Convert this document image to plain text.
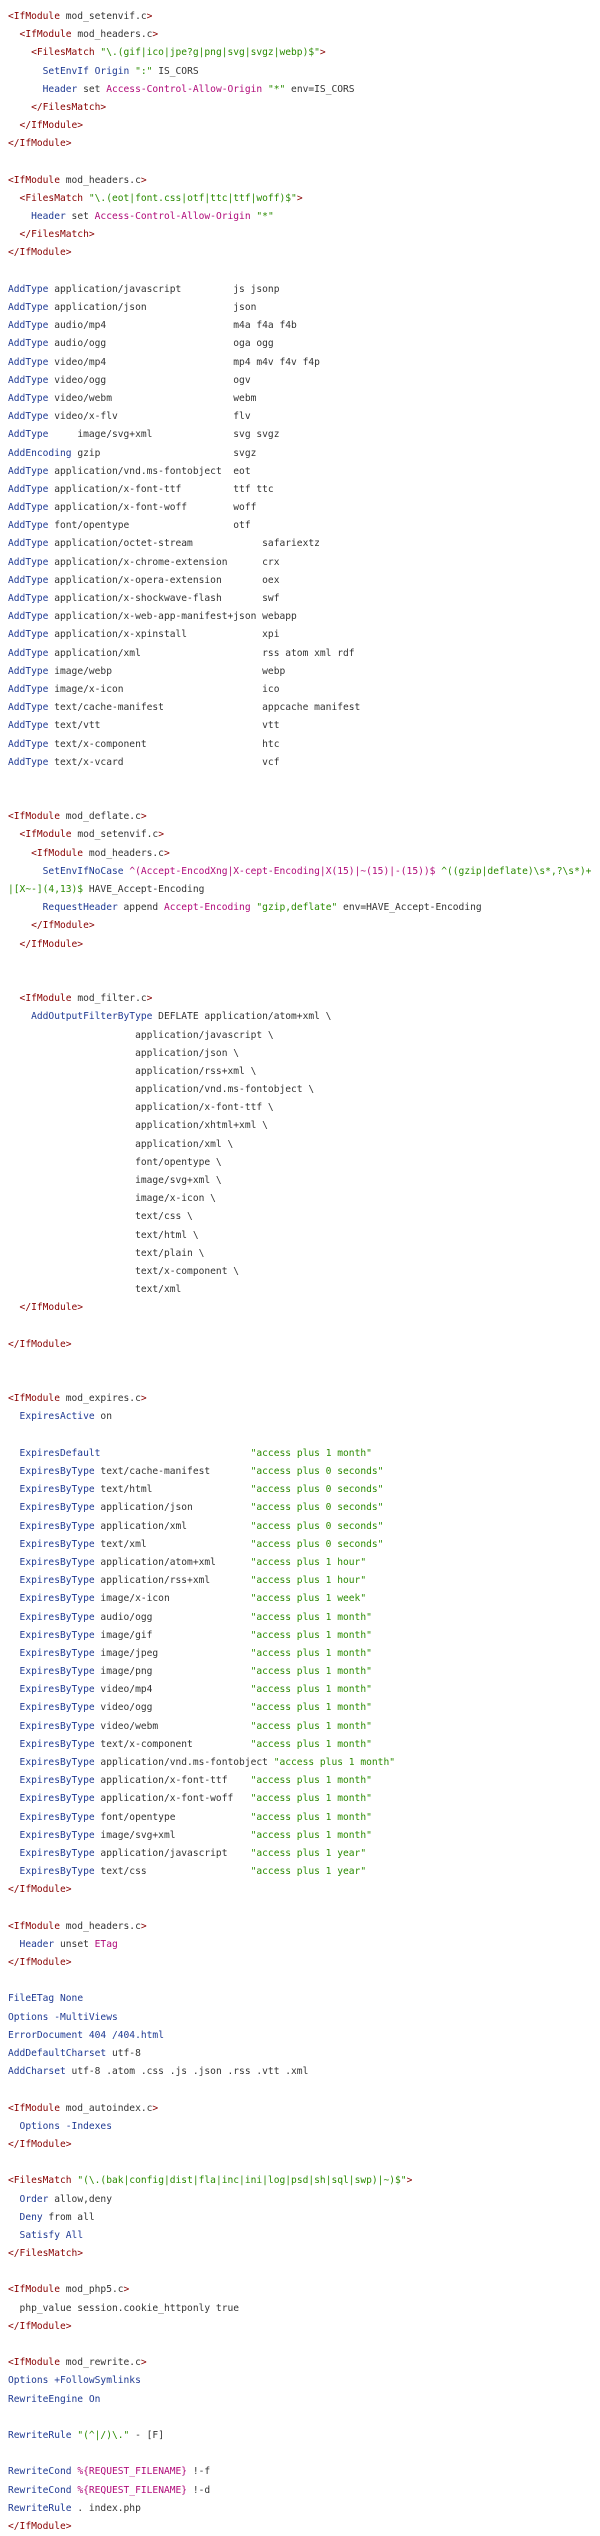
<IfModule mod_setenvif.c>
<IfModule mod_headers.c>
<FilesMatch "\.(gif|ico|jpe?g|png|svg|svgz|webp)$">
SetEnvIf Origin ":" IS_CORS
Header set Access-Control-Allow-Origin "*" env=IS_CORS
</FilesMatch>
</IfModule>
</IfModule>

<IfModule mod_headers.c>
<FilesMatch "\.(eot|font.css|otf|ttc|ttf|woff)$">
Header set Access-Control-Allow-Origin "*"
</FilesMatch>
</IfModule>

AddType application/javascript         js jsonp
AddType application/json               json
AddType audio/mp4                      m4a f4a f4b
AddType audio/ogg                      oga ogg
AddType video/mp4                      mp4 m4v f4v f4p
AddType video/ogg                      ogv
AddType video/webm                     webm
AddType video/x-flv                    flv
AddType     image/svg+xml              svg svgz
AddEncoding gzip                       svgz
AddType application/vnd.ms-fontobject  eot
AddType application/x-font-ttf         ttf ttc
AddType application/x-font-woff        woff
AddType font/opentype                  otf
AddType application/octet-stream            safariextz
AddType application/x-chrome-extension      crx
AddType application/x-opera-extension       oex
AddType application/x-shockwave-flash       swf
AddType application/x-web-app-manifest+json webapp
AddType application/x-xpinstall             xpi
AddType application/xml                     rss atom xml rdf
AddType image/webp                          webp
AddType image/x-icon                        ico
AddType text/cache-manifest                 appcache manifest
AddType text/vtt                            vtt
AddType text/x-component                    htc
AddType text/x-vcard                        vcf

<IfModule mod_deflate.c>
<IfModule mod_setenvif.c>
<IfModule mod_headers.c>
SetEnvIfNoCase ^(Accept-EncodXng|X-cept-Encoding|X(15)|~(15)|-(15))$ ^((gzip|deflate)\s*,?\s*)+|[X~-](4,13)$ HAVE_Accept-Encoding
RequestHeader append Accept-Encoding "gzip,deflate" env=HAVE_Accept-Encoding
</IfModule>
</IfModule>

<IfModule mod_filter.c>
AddOutputFilterByType DEFLATE application/atom+xml \
application/javascript \
application/json \
application/rss+xml \
application/vnd.ms-fontobject \
application/x-font-ttf \
application/xhtml+xml \
application/xml \
font/opentype \
image/svg+xml \
image/x-icon \
text/css \
text/html \
text/plain \
text/x-component \
text/xml
</IfModule>

</IfModule>

<IfModule mod_expires.c>
ExpiresActive on

ExpiresDefault	"access plus 1 month"
ExpiresByType text/cache-manifest       "access plus 0 seconds"
ExpiresByType text/html                 "access plus 0 seconds"
ExpiresByType application/json          "access plus 0 seconds"
ExpiresByType application/xml           "access plus 0 seconds"
ExpiresByType text/xml                  "access plus 0 seconds"
ExpiresByType application/atom+xml      "access plus 1 hour"
ExpiresByType application/rss+xml       "access plus 1 hour"
ExpiresByType image/x-icon              "access plus 1 week"
ExpiresByType audio/ogg                 "access plus 1 month"
ExpiresByType image/gif                 "access plus 1 month"
ExpiresByType image/jpeg                "access plus 1 month"
ExpiresByType image/png                 "access plus 1 month"
ExpiresByType video/mp4                 "access plus 1 month"
ExpiresByType video/ogg                 "access plus 1 month"
ExpiresByType video/webm                "access plus 1 month"
ExpiresByType text/x-component          "access plus 1 month"
ExpiresByType application/vnd.ms-fontobject "access plus 1 month"
ExpiresByType application/x-font-ttf    "access plus 1 month"
ExpiresByType application/x-font-woff   "access plus 1 month"
ExpiresByType font/opentype             "access plus 1 month"
ExpiresByType image/svg+xml             "access plus 1 month"
ExpiresByType application/javascript    "access plus 1 year"
ExpiresByType text/css                  "access plus 1 year"
</IfModule>

<IfModule mod_headers.c>
Header unset ETag
</IfModule>

FileETag None
Options -MultiViews
ErrorDocument 404 /404.html
AddDefaultCharset utf-8
AddCharset utf-8 .atom .css .js .json .rss .vtt .xml

<IfModule mod_autoindex.c>
Options -Indexes
</IfModule>

<FilesMatch "(\.(bak|config|dist|fla|inc|ini|log|psd|sh|sql|swp)|~)$">
Order allow,deny
Deny from all
Satisfy All
</FilesMatch>

<IfModule mod_php5.c>
php_value session.cookie_httponly true
</IfModule>

<IfModule mod_rewrite.c>
Options +FollowSymlinks
RewriteEngine On

RewriteRule "(^|/)\." - [F]

RewriteCond %{REQUEST_FILENAME} !-f
RewriteCond %{REQUEST_FILENAME} !-d
RewriteRule . index.php
</IfModule>
